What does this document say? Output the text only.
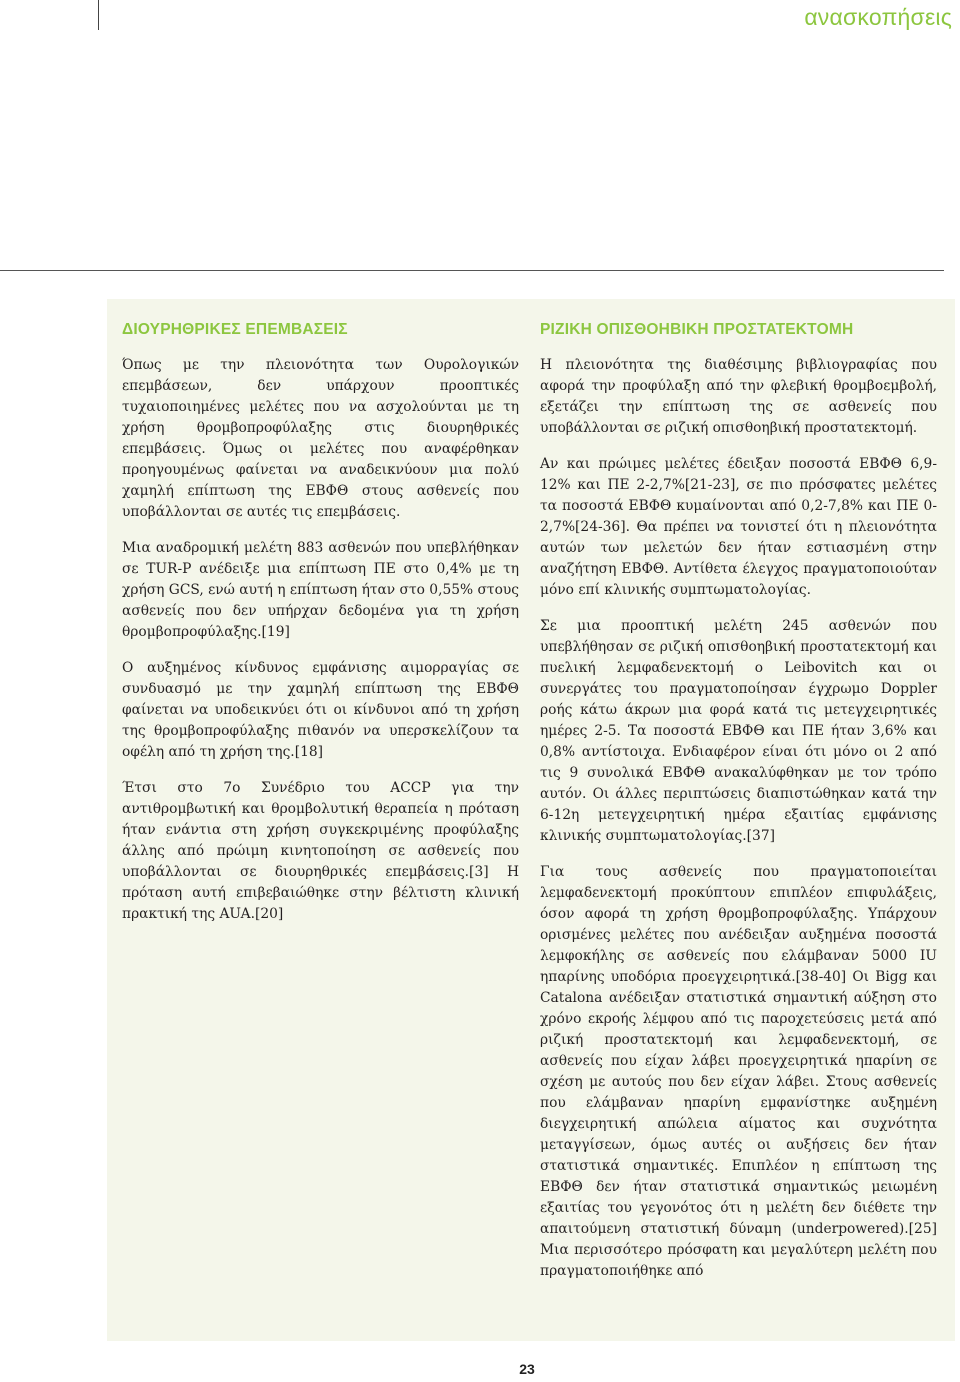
ανασκοπήσεις
ΔΙΟΥΡΗΘΡΙΚΕΣ ΕΠΕΜΒΑΣΕΙΣ

Όπως με την πλειονότητα των Ουρολογικών επεμβάσεων, δεν υπάρχουν προοπτικές τυχαιοποιημένες μελέτες που να ασχολούνται με τη χρήση θρομβοπροφύλαξης στις διουρηθρικές επεμβάσεις. Όμως οι μελέτες που αναφέρθηκαν προηγουμένως φαίνεται να αναδεικνύουν μια πολύ χαμηλή επίπτωση της ΕΒΦΘ στους ασθενείς που υποβάλλονται σε αυτές τις επεμβάσεις.

Μια αναδρομική μελέτη 883 ασθενών που υπεβλήθηκαν σε TUR-P ανέδειξε μια επίπτωση ΠΕ στο 0,4% με τη χρήση GCS, ενώ αυτή η επίπτωση ήταν στο 0,55% στους ασθενείς που δεν υπήρχαν δεδομένα για τη χρήση θρομβοπροφύλαξης.[19]

Ο αυξημένος κίνδυνος εμφάνισης αιμορραγίας σε συνδυασμό με την χαμηλή επίπτωση της ΕΒΦΘ φαίνεται να υποδεικνύει ότι οι κίνδυνοι από τη χρήση της θρομβοπροφύλαξης πιθανόν να υπερσκελίζουν τα οφέλη από τη χρήση της.[18]

Έτσι στο 7ο Συνέδριο του ACCP για την αντιθρομβωτική και θρομβολυτική θεραπεία η πρόταση ήταν ενάντια στη χρήση συγκεκριμένης προφύλαξης άλλης από πρώιμη κινητοποίηση σε ασθενείς που υποβάλλονται σε διουρηθρικές επεμβάσεις.[3] Η πρόταση αυτή επιβεβαιώθηκε στην βέλτιστη κλινική πρακτική της AUA.[20]

ΡΙΖΙΚΗ ΟΠΙΣΘΟΗΒΙΚΗ ΠΡΟΣΤΑΤΕΚΤΟΜΗ

Η πλειονότητα της διαθέσιμης βιβλιογραφίας που αφορά την προφύλαξη από την φλεβική θρομβοεμβολή, εξετάζει την επίπτωση της σε ασθενείς που υποβάλλονται σε ριζική οπισθοηβική προστατεκτομή.

Αν και πρώιμες μελέτες έδειξαν ποσοστά ΕΒΦΘ 6,9-12% και ΠΕ 2-2,7%[21-23], σε πιο πρόσφατες μελέτες τα ποσοστά ΕΒΦΘ κυμαίνονται από 0,2-7,8% και ΠΕ 0-2,7%[24-36]. Θα πρέπει να τονιστεί ότι η πλειονότητα αυτών των μελετών δεν ήταν εστιασμένη στην αναζήτηση ΕΒΦΘ. Αντίθετα έλεγχος πραγματοποιούταν μόνο επί κλινικής συμπτωματολογίας.

Σε μια προοπτική μελέτη 245 ασθενών που υπεβλήθησαν σε ριζική οπισθοηβική προστατεκτομή και πυελική λεμφαδενεκτομή ο Leibovitch και οι συνεργάτες του πραγματοποίησαν έγχρωμο Doppler ροής κάτω άκρων μια φορά κατά τις μετεγχειρητικές ημέρες 2-5. Τα ποσοστά ΕΒΦΘ και ΠΕ ήταν 3,6% και 0,8% αντίστοιχα. Ενδιαφέρον είναι ότι μόνο οι 2 από τις 9 συνολικά ΕΒΦΘ ανακαλύφθηκαν με τον τρόπο αυτόν. Οι άλλες περιπτώσεις διαπιστώθηκαν κατά την 6-12η μετεγχειρητική ημέρα εξαιτίας εμφάνισης κλινικής συμπτωματολογίας.[37]

Για τους ασθενείς που πραγματοποιείται λεμφαδενεκτομή προκύπτουν επιπλέον επιφυλάξεις, όσον αφορά τη χρήση θρομβοπροφύλαξης. Υπάρχουν ορισμένες μελέτες που ανέδειξαν αυξημένα ποσοστά λεμφοκήλης σε ασθενείς που ελάμβαναν 5000 IU ηπαρίνης υποδόρια προεγχειρητικά.[38-40] Οι Bigg και Catalona ανέδειξαν στατιστικά σημαντική αύξηση στο χρόνο εκροής λέμφου από τις παροχετεύσεις μετά από ριζική προστατεκτομή και λεμφαδενεκτομή, σε ασθενείς που είχαν λάβει προεγχειρητικά ηπαρίνη σε σχέση με αυτούς που δεν είχαν λάβει. Στους ασθενείς που ελάμβαναν ηπαρίνη εμφανίστηκε αυξημένη διεγχειρητική απώλεια αίματος και συχνότητα μεταγγίσεων, όμως αυτές οι αυξήσεις δεν ήταν στατιστικά σημαντικές. Επιπλέον η επίπτωση της ΕΒΦΘ δεν ήταν στατιστικά σημαντικώς μειωμένη εξαιτίας του γεγονότος ότι η μελέτη δεν διέθετε την απαιτούμενη στατιστική δύναμη (underpowered).[25] Μια περισσότερο πρόσφατη και μεγαλύτερη μελέτη που πραγματοποιήθηκε από

23
